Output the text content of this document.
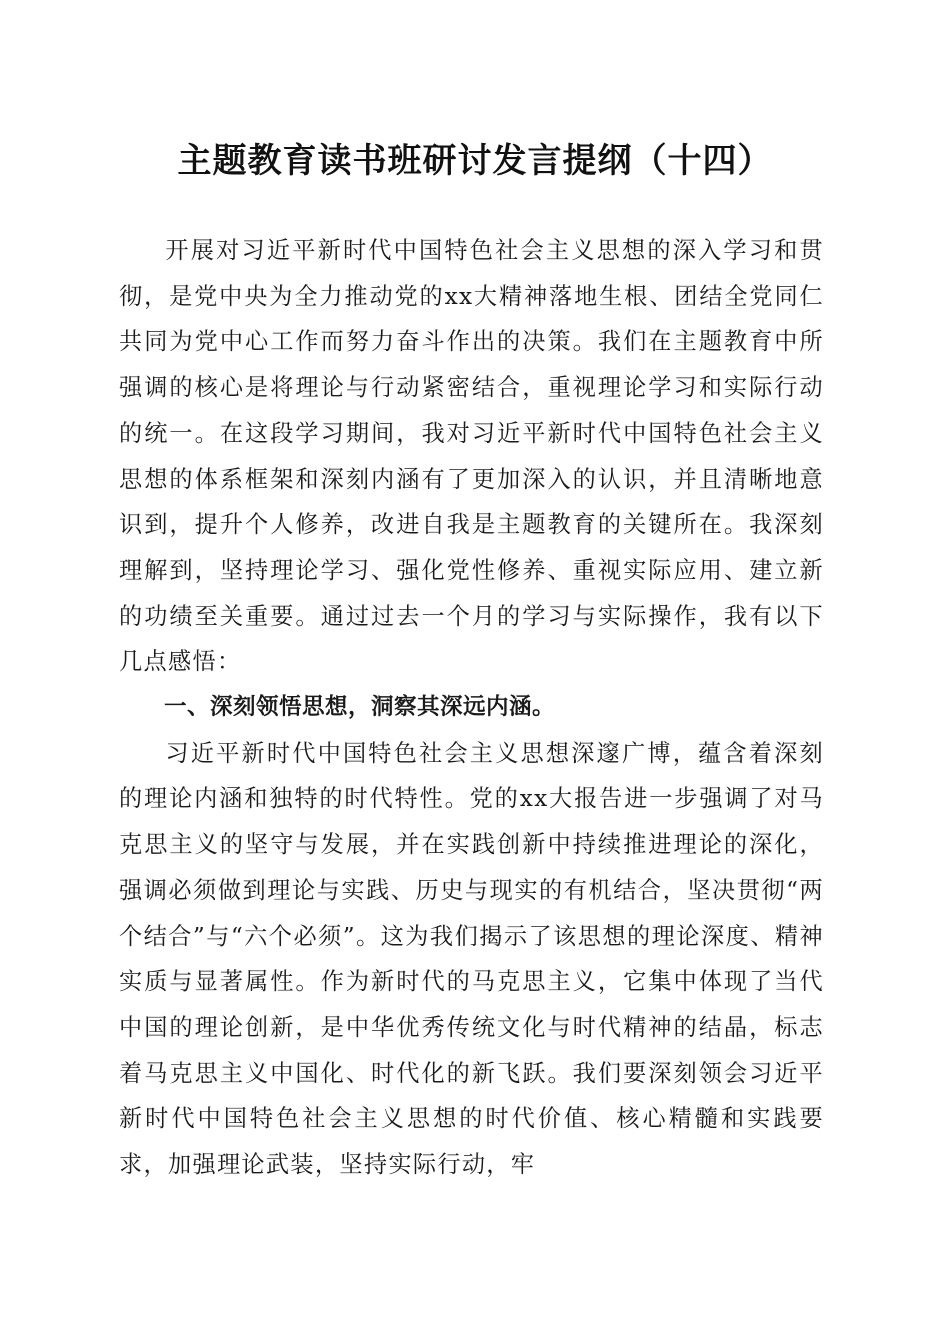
主题教育读书班研讨发言提纲（十四）

开展对习近平新时代中国特色社会主义思想的深入学习和贯彻，是党中央为全力推动党的xx大精神落地生根、团结全党同仁共同为党中心工作而努力奋斗作出的决策。我们在主题教育中所强调的核心是将理论与行动紧密结合，重视理论学习和实际行动的统一。在这段学习期间，我对习近平新时代中国特色社会主义思想的体系框架和深刻内涵有了更加深入的认识，并且清晰地意识到，提升个人修养，改进自我是主题教育的关键所在。我深刻理解到，坚持理论学习、强化党性修养、重视实际应用、建立新的功绩至关重要。通过过去一个月的学习与实际操作，我有以下几点感悟：

一、深刻领悟思想，洞察其深远内涵。

习近平新时代中国特色社会主义思想深邃广博，蕴含着深刻的理论内涵和独特的时代特性。党的xx大报告进一步强调了对马克思主义的坚守与发展，并在实践创新中持续推进理论的深化，强调必须做到理论与实践、历史与现实的有机结合，坚决贯彻“两个结合”与“六个必须”。这为我们揭示了该思想的理论深度、精神实质与显著属性。作为新时代的马克思主义，它集中体现了当代中国的理论创新，是中华优秀传统文化与时代精神的结晶，标志着马克思主义中国化、时代化的新飞跃。我们要深刻领会习近平新时代中国特色社会主义思想的时代价值、核心精髓和实践要求，加强理论武装，坚持实际行动，牢
